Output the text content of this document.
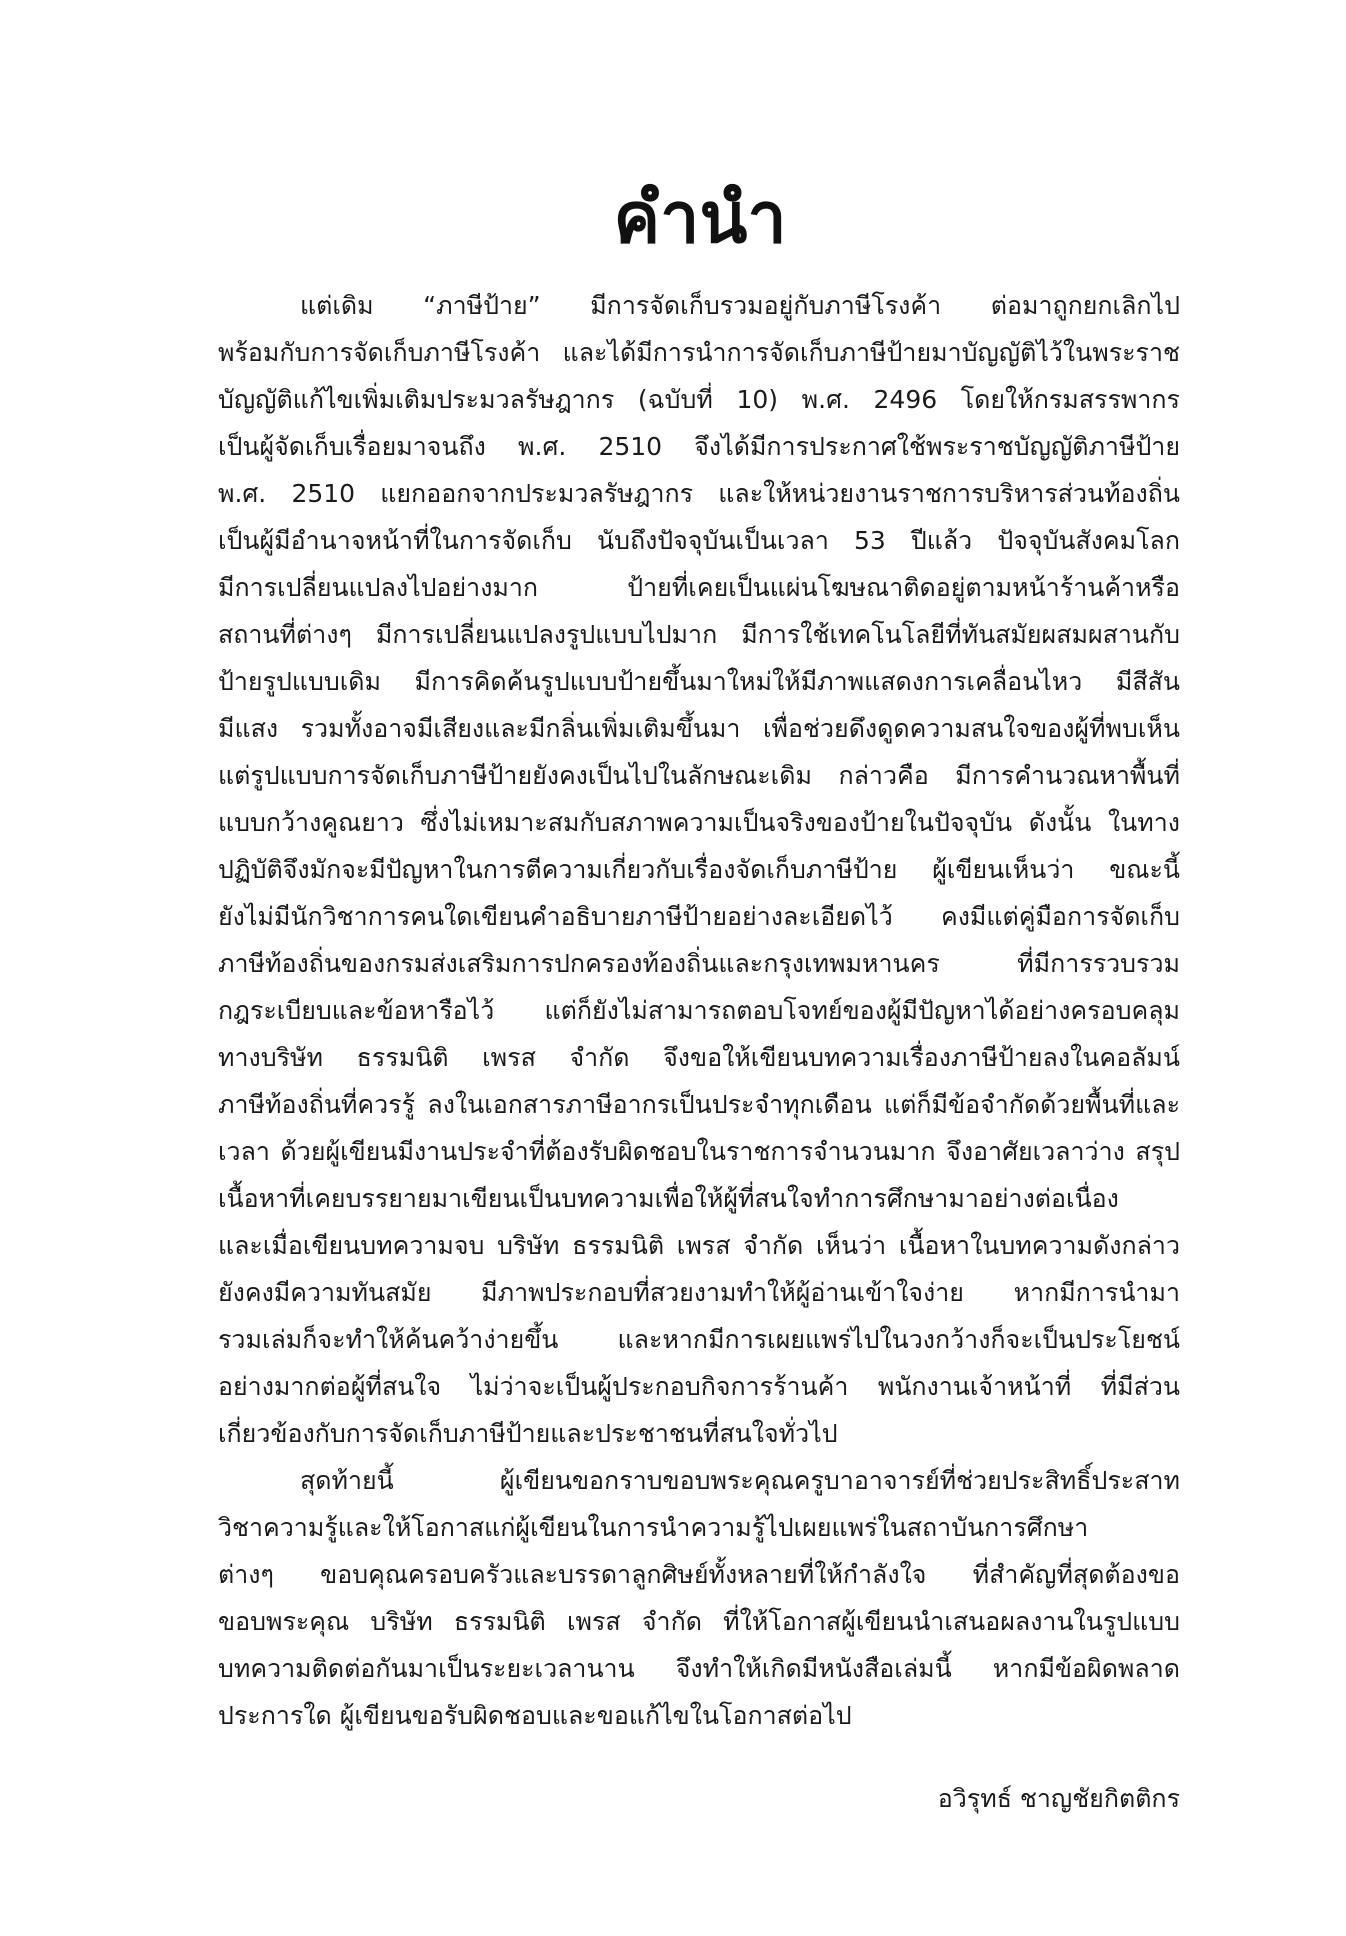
คำนำ
แต่เดิม “ภาษีป้าย” มีการจัดเก็บรวมอยู่กับภาษีโรงค้า ต่อมาถูกยกเลิกไป
พร้อมกับการจัดเก็บภาษีโรงค้า และได้มีการนำการจัดเก็บภาษีป้ายมาบัญญัติไว้ในพระราช
บัญญัติแก้ไขเพิ่มเติมประมวลรัษฎากร (ฉบับที่ 10) พ.ศ. 2496 โดยให้กรมสรรพากร
เป็นผู้จัดเก็บเรื่อยมาจนถึง พ.ศ. 2510 จึงได้มีการประกาศใช้พระราชบัญญัติภาษีป้าย
พ.ศ. 2510 แยกออกจากประมวลรัษฎากร และให้หน่วยงานราชการบริหารส่วนท้องถิ่น
เป็นผู้มีอำนาจหน้าที่ในการจัดเก็บ นับถึงปัจจุบันเป็นเวลา 53 ปีแล้ว ปัจจุบันสังคมโลก
มีการเปลี่ยนแปลงไปอย่างมาก ป้ายที่เคยเป็นแผ่นโฆษณาติดอยู่ตามหน้าร้านค้าหรือ
สถานที่ต่างๆ มีการเปลี่ยนแปลงรูปแบบไปมาก มีการใช้เทคโนโลยีที่ทันสมัยผสมผสานกับ
ป้ายรูปแบบเดิม มีการคิดค้นรูปแบบป้ายขึ้นมาใหม่ให้มีภาพแสดงการเคลื่อนไหว มีสีสัน
มีแสง รวมทั้งอาจมีเสียงและมีกลิ่นเพิ่มเติมขึ้นมา เพื่อช่วยดึงดูดความสนใจของผู้ที่พบเห็น
แต่รูปแบบการจัดเก็บภาษีป้ายยังคงเป็นไปในลักษณะเดิม กล่าวคือ มีการคำนวณหาพื้นที่
แบบกว้างคูณยาว ซึ่งไม่เหมาะสมกับสภาพความเป็นจริงของป้ายในปัจจุบัน ดังนั้น ในทาง
ปฏิบัติจึงมักจะมีปัญหาในการตีความเกี่ยวกับเรื่องจัดเก็บภาษีป้าย ผู้เขียนเห็นว่า ขณะนี้
ยังไม่มีนักวิชาการคนใดเขียนคำอธิบายภาษีป้ายอย่างละเอียดไว้ คงมีแต่คู่มือการจัดเก็บ
ภาษีท้องถิ่นของกรมส่งเสริมการปกครองท้องถิ่นและกรุงเทพมหานคร ที่มีการรวบรวม
กฎระเบียบและข้อหารือไว้ แต่ก็ยังไม่สามารถตอบโจทย์ของผู้มีปัญหาได้อย่างครอบคลุม
ทางบริษัท ธรรมนิติ เพรส จำกัด จึงขอให้เขียนบทความเรื่องภาษีป้ายลงในคอลัมน์
ภาษีท้องถิ่นที่ควรรู้ ลงในเอกสารภาษีอากรเป็นประจำทุกเดือน แต่ก็มีข้อจำกัดด้วยพื้นที่และ
เวลา ด้วยผู้เขียนมีงานประจำที่ต้องรับผิดชอบในราชการจำนวนมาก จึงอาศัยเวลาว่าง สรุป
เนื้อหาที่เคยบรรยายมาเขียนเป็นบทความเพื่อให้ผู้ที่สนใจทำการศึกษามาอย่างต่อเนื่อง
และเมื่อเขียนบทความจบ บริษัท ธรรมนิติ เพรส จำกัด เห็นว่า เนื้อหาในบทความดังกล่าว
ยังคงมีความทันสมัย มีภาพประกอบที่สวยงามทำให้ผู้อ่านเข้าใจง่าย หากมีการนำมา
รวมเล่มก็จะทำให้ค้นคว้าง่ายขึ้น และหากมีการเผยแพร่ไปในวงกว้างก็จะเป็นประโยชน์
อย่างมากต่อผู้ที่สนใจ ไม่ว่าจะเป็นผู้ประกอบกิจการร้านค้า พนักงานเจ้าหน้าที่ ที่มีส่วน
เกี่ยวข้องกับการจัดเก็บภาษีป้ายและประชาชนที่สนใจทั่วไป
สุดท้ายนี้ ผู้เขียนขอกราบขอบพระคุณครูบาอาจารย์ที่ช่วยประสิทธิ์ประสาท
วิชาความรู้และให้โอกาสแก่ผู้เขียนในการนำความรู้ไปเผยแพร่ในสถาบันการศึกษา
ต่างๆ ขอบคุณครอบครัวและบรรดาลูกศิษย์ทั้งหลายที่ให้กำลังใจ ที่สำคัญที่สุดต้องขอ
ขอบพระคุณ บริษัท ธรรมนิติ เพรส จำกัด ที่ให้โอกาสผู้เขียนนำเสนอผลงานในรูปแบบ
บทความติดต่อกันมาเป็นระยะเวลานาน จึงทำให้เกิดมีหนังสือเล่มนี้ หากมีข้อผิดพลาด
ประการใด ผู้เขียนขอรับผิดชอบและขอแก้ไขในโอกาสต่อไป
อวิรุทธ์ ชาญชัยกิตติกร
